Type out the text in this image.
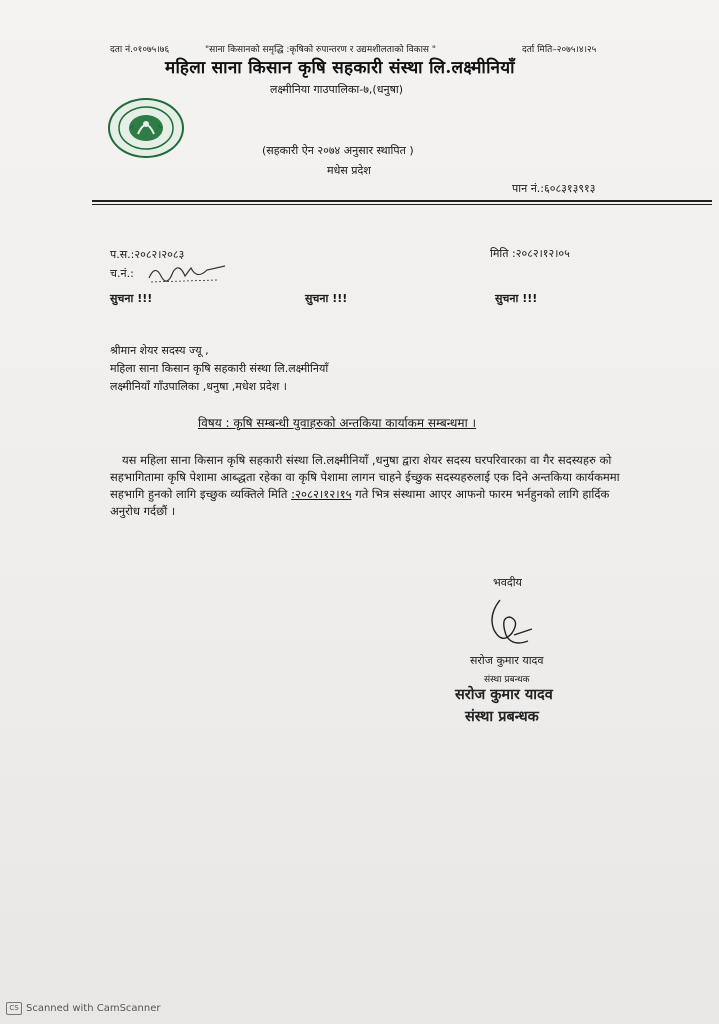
दता नं.०१०७५।७६	"साना किसानको समृद्धि :कृषिको रुपान्तरण र उद्यमशीलताको विकास "	दर्ता मिति–२०७५।४।२५
महिला साना किसान कृषि सहकारी संस्था लि.लक्ष्मीनियाँ
लक्ष्मीनिया गाउपालिका-७,(धनुषा)
(सहकारी ऐन २०७४ अनुसार स्थापित )
मधेस प्रदेश
पान नं.:६०८३१३९१३
प.स.:२०८२।२०८३	मिति :२०८२।१२।०५
च.नं.:
सुचना !!!	सुचना !!!	सुचना !!!
श्रीमान शेयर सदस्य ज्यू ,
महिला साना किसान कृषि सहकारी संस्था लि.लक्ष्मीनियाँ
लक्ष्मीनियाँ गाँउपालिका ,धनुषा ,मधेश प्रदेश ।
विषय : कृषि सम्बन्धी युवाहरुको अन्तकिया कार्याकम सम्बन्धमा ।
यस महिला साना किसान कृषि सहकारी संस्था लि.लक्ष्मीनियाँ ,धनुषा द्वारा शेयर सदस्य घरपरिवारका वा गैर सदस्यहरु को सहभागितामा कृषि पेशामा आब्द्धता रहेका वा कृषि पेशामा लागन चाहने ईच्छुक सदस्यहरुलाई एक दिने अन्तकिया कार्यकममा सहभागि हुनको लागि इच्छुक व्यक्तिले मिति :२०८२।१२।१५ गते भित्र संस्थामा आएर आफनो फारम भर्नहुनको लागि हार्दिक अनुरोध गर्दछौं ।
भवदीय
सरोज कुमार यादव
संस्था प्रबन्धक
सरोज कुमार यादव
संस्था प्रबन्धक
CS Scanned with CamScanner
